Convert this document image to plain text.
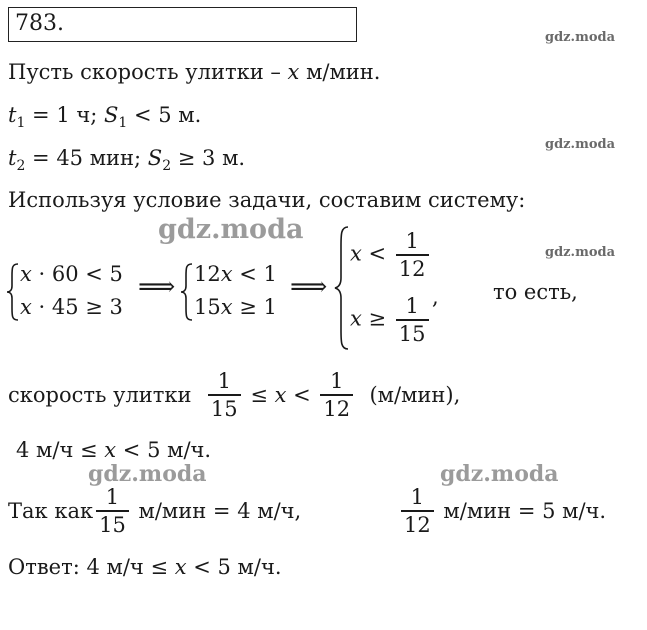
783.
gdz.moda
gdz.moda
gdz.moda
gdz.moda
gdz.moda	gdz.moda
Пусть скорость улитки – x м/мин.
$t_1 = 1$ ч; $S_1 < 5$ м.
$t_2 = 45$ мин; $S_2 \ge 3$ м.
Используя условие задачи, составим систему:
x · 60 < 5
x · 45 ≥ 3
⟹ 12x < 1
15x ≥ 1
⟹
$x < \frac{1}{12}$
,
$x \ge \frac{1}{15}$
то есть,
скорость улитки $\frac{1}{15} \le x < \frac{1}{12} (м/мин)$,
4 м/ч ≤ x < 5 м/ч.
Так как $\frac{1}{15} м/мин = 4$ м/ч,	$\frac{1}{12} м/мин = 5$ м/ч.
Ответ: 4 м/ч ≤ x < 5 м/ч.
